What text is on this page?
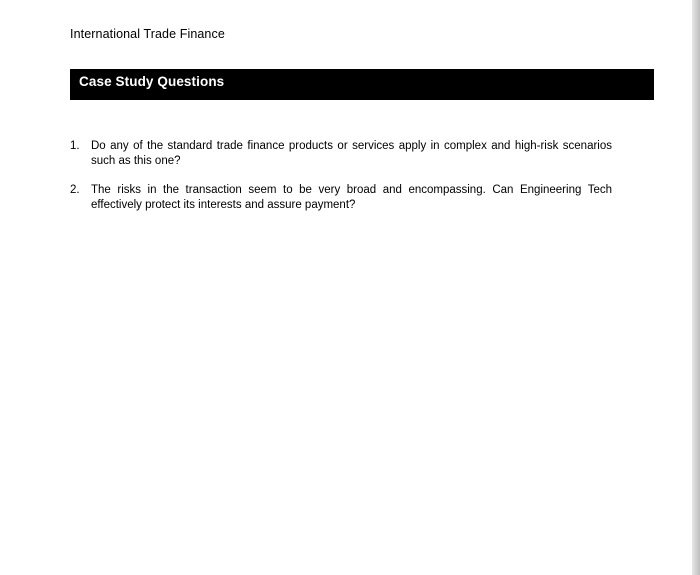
International Trade Finance
Case Study Questions
1. Do any of the standard trade finance products or services apply in complex and high-risk scenarios such as this one?
2. The risks in the transaction seem to be very broad and encompassing. Can Engineering Tech effectively protect its interests and assure payment?
